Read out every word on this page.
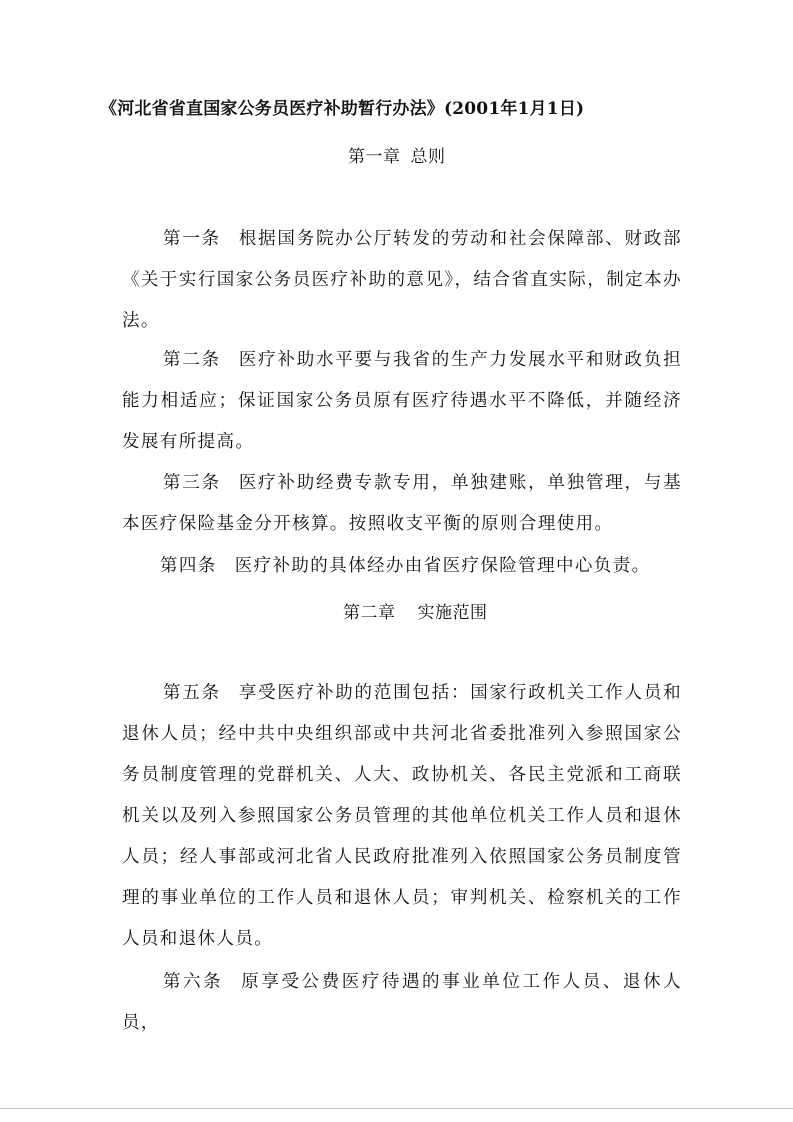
《河北省省直国家公务员医疗补助暂行办法》(2001年1月1日)
第一章 总则
第一条 根据国务院办公厅转发的劳动和社会保障部、财政部《关于实行国家公务员医疗补助的意见》，结合省直实际，制定本办法。
第二条 医疗补助水平要与我省的生产力发展水平和财政负担能力相适应；保证国家公务员原有医疗待遇水平不降低，并随经济发展有所提高。
第三条 医疗补助经费专款专用，单独建账，单独管理，与基本医疗保险基金分开核算。按照收支平衡的原则合理使用。
第四条 医疗补助的具体经办由省医疗保险管理中心负责。
第二章 实施范围
第五条 享受医疗补助的范围包括：国家行政机关工作人员和退休人员；经中共中央组织部或中共河北省委批准列入参照国家公务员制度管理的党群机关、人大、政协机关、各民主党派和工商联机关以及列入参照国家公务员管理的其他单位机关工作人员和退休人员；经人事部或河北省人民政府批准列入依照国家公务员制度管理的事业单位的工作人员和退休人员；审判机关、检察机关的工作人员和退休人员。
第六条 原享受公费医疗待遇的事业单位工作人员、退休人员，
